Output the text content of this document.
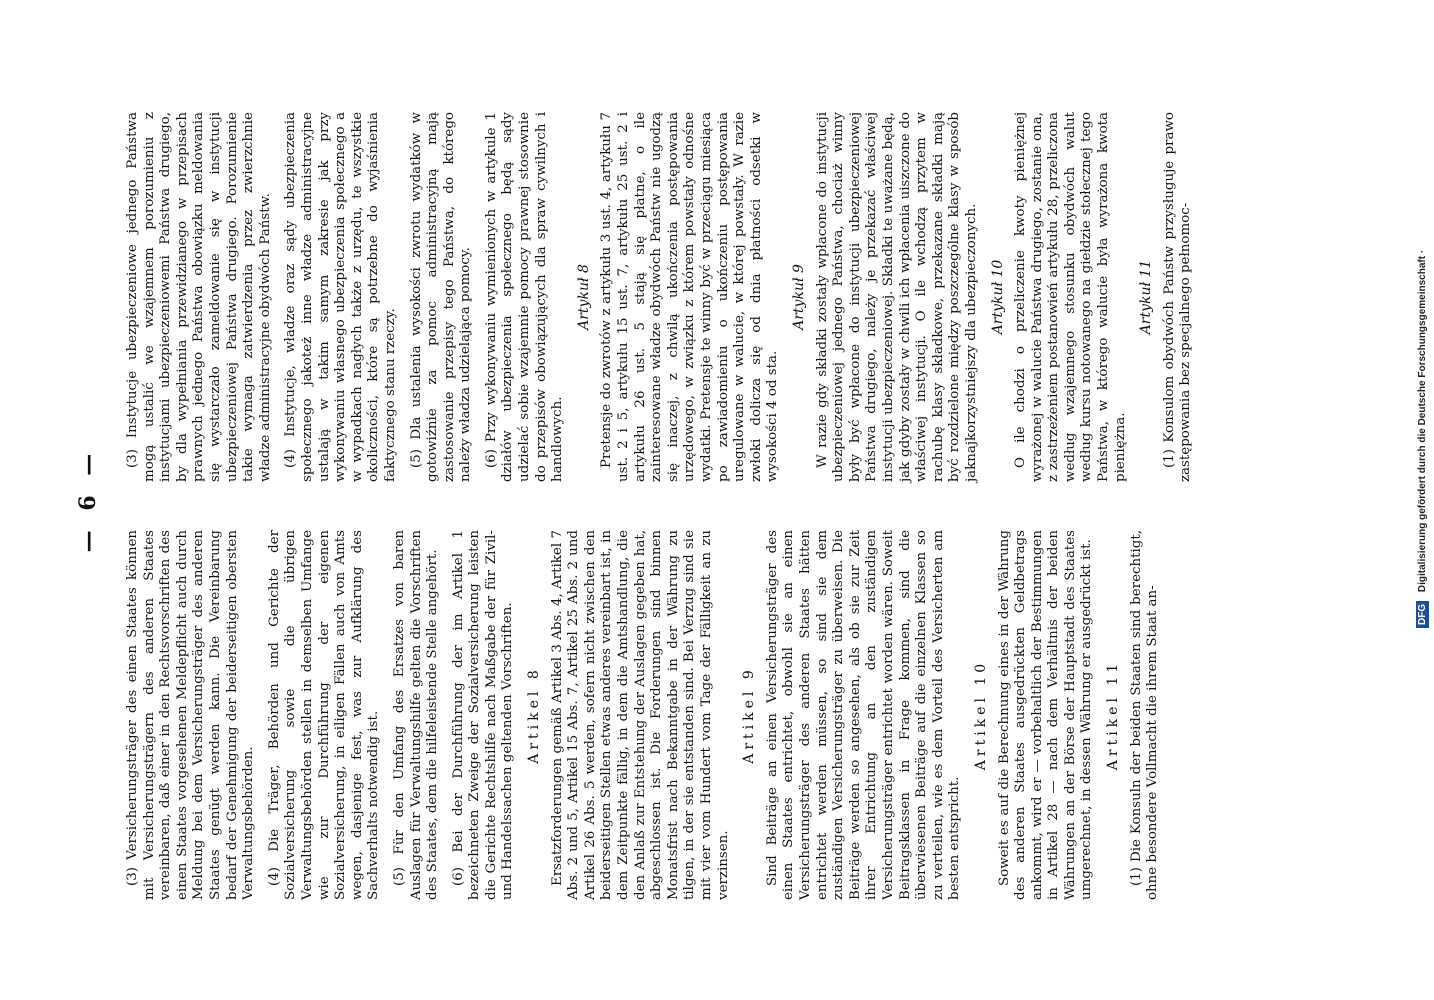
— 6 —

(3) Versicherungsträger des einen Staates können mit Versicherungsträgern des anderen Staates vereinbaren, daß einer in den Rechtsvorschriften des einen Staates vorgesehenen Meldepflicht auch durch Meldung bei dem Versicherungsträger des anderen Staates genügt werden kann. Die Vereinbarung bedarf der Genehmigung der beiderseitigen obersten Verwaltungsbehörden. (4) Die Träger, Behörden und Gerichte der Sozialversicherung sowie die übrigen Verwaltungsbehörden stellen in demselben Umfange wie zur Durchführung der eigenen Sozialversicherung, in eiligen Fällen auch von Amts wegen, dasjenige fest, was zur Aufklärung des Sachverhalts notwendig ist. (5) Für den Umfang des Ersatzes von baren Auslagen für Verwaltungshilfe gelten die Vorschriften des Staates, dem die hilfeleistende Stelle angehört. (6) Bei der Durchführung der im Artikel 1 bezeichneten Zweige der Sozialversicherung leisten die Gerichte Rechtshilfe nach Maßgabe der für Zivil- und Handelssachen geltenden Vorschriften. Artikel 8 Ersatzforderungen gemäß Artikel 3 Abs. 4, Artikel 7 Abs. 2 und 5, Artikel 15 Abs. 7, Artikel 25 Abs. 2 und Artikel 26 Abs. 5 werden, sofern nicht zwischen den beiderseitigen Stellen etwas anderes vereinbart ist, in dem Zeitpunkte fällig, in dem die Amtshandlung, die den Anlaß zur Entstehung der Auslagen gegeben hat, abgeschlossen ist. Die Forderungen sind binnen Monatsfrist nach Bekanntgabe in der Währung zu tilgen, in der sie entstanden sind. Bei Verzug sind sie mit vier vom Hundert vom Tage der Fälligkeit an zu verzinsen.

Artikel 9 Sind Beiträge an einen Versicherungsträger des einen Staates entrichtet, obwohl sie an einen Versicherungsträger des anderen Staates hätten entrichtet werden müssen, so sind sie dem zuständigen Versicherungsträger zu überweisen. Die Beiträge werden so angesehen, als ob sie zur Zeit ihrer Entrichtung an den zuständigen Versicherungsträger entrichtet worden wären. Soweit Beitragsklassen in Frage kommen, sind die überwiesenen Beiträge auf die einzelnen Klassen so zu verteilen, wie es dem Vorteil des Versicherten am besten entspricht.

Artikel 10 Soweit es auf die Berechnung eines in der Währung des anderen Staates ausgedrückten Geldbetrags ankommt, wird er — vorbehaltlich der Bestimmungen in Artikel 28 — nach dem Verhältnis der beiden Währungen an der Börse der Hauptstadt des Staates umgerechnet, in dessen Währung er ausgedrückt ist. Artikel 11 (1) Die Konsuln der beiden Staaten sind berechtigt, ohne besondere Vollmacht die ihrem Staat an-

(3) Instytucje ubezpieczeniowe jednego Państwa mogą ustalić we wzajemnem porozumieniu z instytucjami ubezpieczeniowemi Państwa drugiego, by dla wypełniania przewidzianego w przepisach prawnych jednego Państwa obowiązku meldowania się wystarczało zameldowanie się w instytucji ubezpieczeniowej Państwa drugiego. Porozumienie takie wymaga zatwierdzenia przez zwierzchnie władze administracyjne obydwóch Państw. (4) Instytucje, władze oraz sądy ubezpieczenia społecznego jakoteż inne władze administracyjne ustalają w takim samym zakresie jak przy wykonywaniu własnego ubezpieczenia społecznego a w wypadkach nagłych także z urzędu, te wszystkie okoliczności, które są potrzebne do wyjaśnienia faktycznego stanu rzeczy. (5) Dla ustalenia wysokości zwrotu wydatków w gotowiźnie za pomoc administracyjną mają zastosowanie przepisy tego Państwa, do którego należy władza udzielająca pomocy. (6) Przy wykonywaniu wymienionych w artykule 1 działów ubezpieczenia społecznego będą sądy udzielać sobie wzajemnie pomocy prawnej stosownie do przepisów obowiązujących dla spraw cywilnych i handlowych.

Artykuł 8 Pretensje do zwrotów z artykułu 3 ust. 4, artykułu 7 ust. 2 i 5, artykułu 15 ust. 7, artykułu 25 ust. 2 i artykułu 26 ust. 5 stają się płatne, o ile zainteresowane władze obydwóch Państw nie ugodzą się inaczej, z chwilą ukończenia postępowania urzędowego, w związku z którem powstały odnośne wydatki. Pretensje te winny być w przeciągu miesiąca po zawiadomieniu o ukończeniu postępowania uregulowane w walucie, w której powstały. W razie zwłoki dolicza się od dnia płatności odsetki w wysokości 4 od sta.

Artykuł 9 W razie gdy składki zostały wpłacone do instytucji ubezpieczeniowej jednego Państwa, chociaż winny były być wpłacone do instytucji ubezpieczeniowej Państwa drugiego, należy je przekazać właściwej instytucji ubezpieczeniowej. Składki te uważane będą, jak gdyby zostały w chwili ich wpłacenia uiszczone do właściwej instytucji. O ile wchodzą przytem w rachubę klasy składkowe, przekazane składki mają być rozdzielone między poszczególne klasy w sposób jaknajkorzystniejszy dla ubezpieczonych. Artykuł 10 O ile chodzi o przeliczenie kwoty pieniężnej wyrażonej w walucie Państwa drugiego, zostanie ona, z zastrzeżeniem postanowień artykułu 28, przeliczona według wzajemnego stosunku obydwóch walut według kursu notowanego na giełdzie stołecznej tego Państwa, w którego walucie była wyrażona kwota pieniężna.

Artykuł 11 (1) Konsulom obydwóch Państw przysługuje prawo zastępowania bez specjalnego pełnomoc-

DFG Digitalisierung gefördert durch die Deutsche Forschungsgemeinschaft ·
